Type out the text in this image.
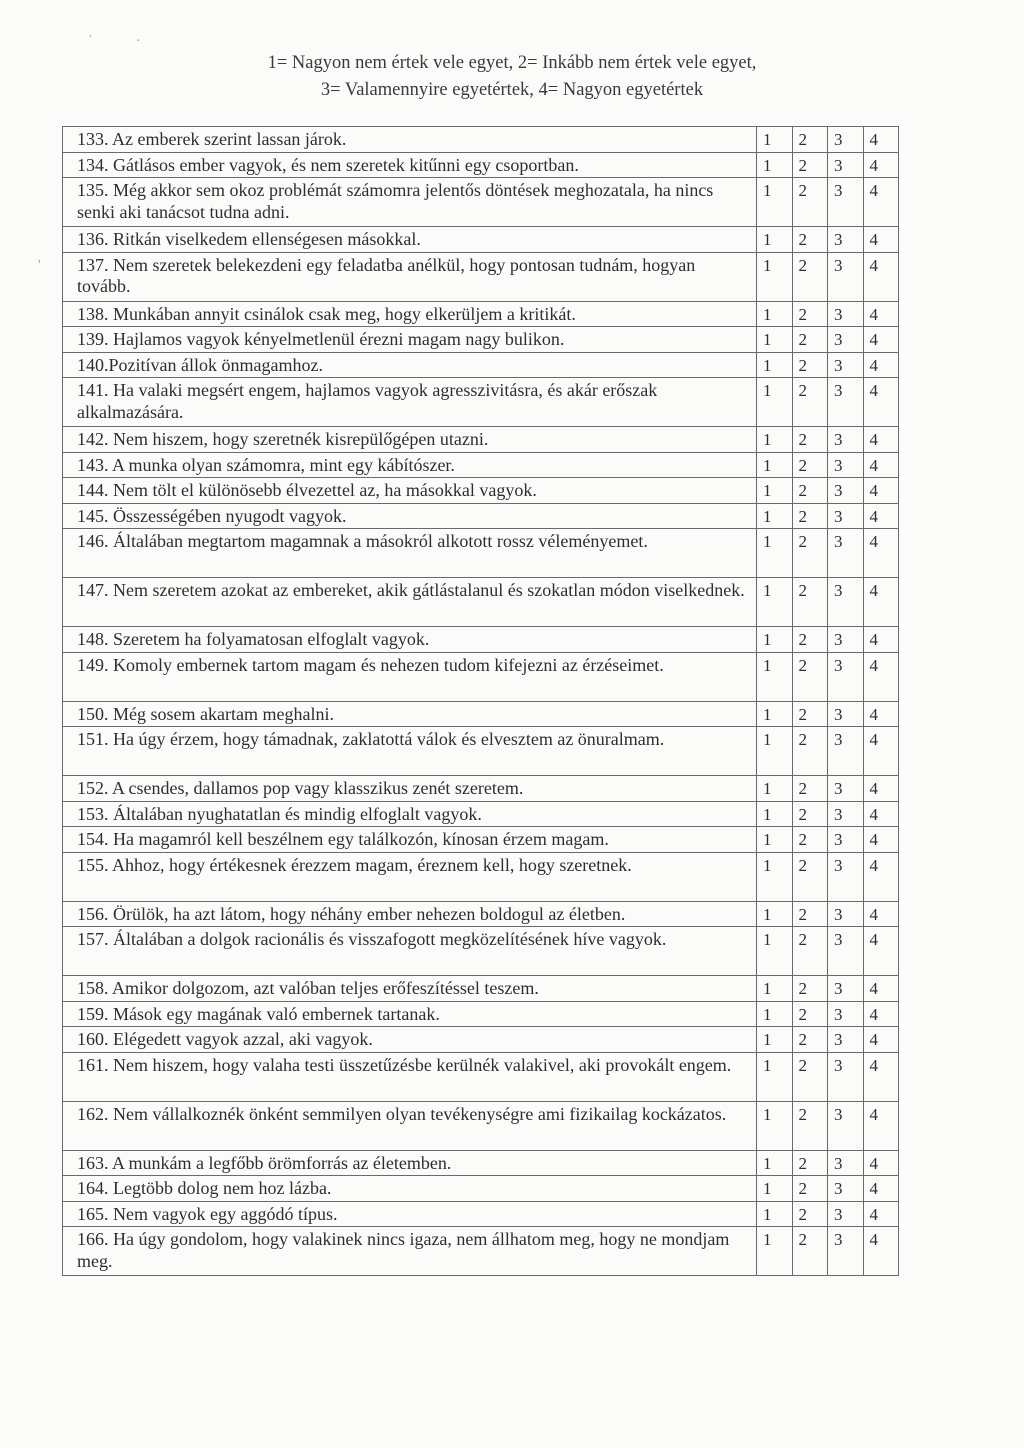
1= Nagyon nem értek vele egyet, 2= Inkább nem értek vele egyet,
3= Valamennyire egyetértek, 4= Nagyon egyetértek
133. Az emberek szerint lassan járok.	1	2	3	4
134. Gátlásos ember vagyok, és nem szeretek kitűnni egy csoportban.	1	2	3	4
135. Még akkor sem okoz problémát számomra jelentős döntések meghozatala, ha nincs senki aki tanácsot tudna adni.	1	2	3	4
136. Ritkán viselkedem ellenségesen másokkal.	1	2	3	4
137. Nem szeretek belekezdeni egy feladatba anélkül, hogy pontosan tudnám, hogyan tovább.	1	2	3	4
138. Munkában annyit csinálok csak meg, hogy elkerüljem a kritikát.	1	2	3	4
139. Hajlamos vagyok kényelmetlenül érezni magam nagy bulikon.	1	2	3	4
140.Pozitívan állok önmagamhoz.	1	2	3	4
141. Ha valaki megsért engem, hajlamos vagyok agresszivitásra, és akár erőszak alkalmazására.	1	2	3	4
142. Nem hiszem, hogy szeretnék kisrepülőgépen utazni.	1	2	3	4
143. A munka olyan számomra, mint egy kábítószer.	1	2	3	4
144. Nem tölt el különösebb élvezettel az, ha másokkal vagyok.	1	2	3	4
145. Összességében nyugodt vagyok.	1	2	3	4
146. Általában megtartom magamnak a másokról alkotott rossz véleményemet.	1	2	3	4
147. Nem szeretem azokat az embereket, akik gátlástalanul és szokatlan módon viselkednek.	1	2	3	4
148. Szeretem ha folyamatosan elfoglalt vagyok.	1	2	3	4
149. Komoly embernek tartom magam és nehezen tudom kifejezni az érzéseimet.	1	2	3	4
150. Még sosem akartam meghalni.	1	2	3	4
151. Ha úgy érzem, hogy támadnak, zaklatottá válok és elvesztem az önuralmam.	1	2	3	4
152. A csendes, dallamos pop vagy klasszikus zenét szeretem.	1	2	3	4
153. Általában nyughatatlan és mindig elfoglalt vagyok.	1	2	3	4
154. Ha magamról kell beszélnem egy találkozón, kínosan érzem magam.	1	2	3	4
155. Ahhoz, hogy értékesnek érezzem magam, éreznem kell, hogy szeretnek.	1	2	3	4
156. Örülök, ha azt látom, hogy néhány ember nehezen boldogul az életben.	1	2	3	4
157. Általában a dolgok racionális és visszafogott megközelítésének híve vagyok.	1	2	3	4
158. Amikor dolgozom, azt valóban teljes erőfeszítéssel teszem.	1	2	3	4
159. Mások egy magának való embernek tartanak.	1	2	3	4
160. Elégedett vagyok azzal, aki vagyok.	1	2	3	4
161. Nem hiszem, hogy valaha testi üsszetűzésbe kerülnék valakivel, aki provokált engem.	1	2	3	4
162. Nem vállalkoznék önként semmilyen olyan tevékenységre ami fizikailag kockázatos.	1	2	3	4
163. A munkám a legfőbb örömforrás az életemben.	1	2	3	4
164. Legtöbb dolog nem hoz lázba.	1	2	3	4
165. Nem vagyok egy aggódó típus.	1	2	3	4
166. Ha úgy gondolom, hogy valakinek nincs igaza, nem állhatom meg, hogy ne mondjam meg.	1	2	3	4
·	·
'
